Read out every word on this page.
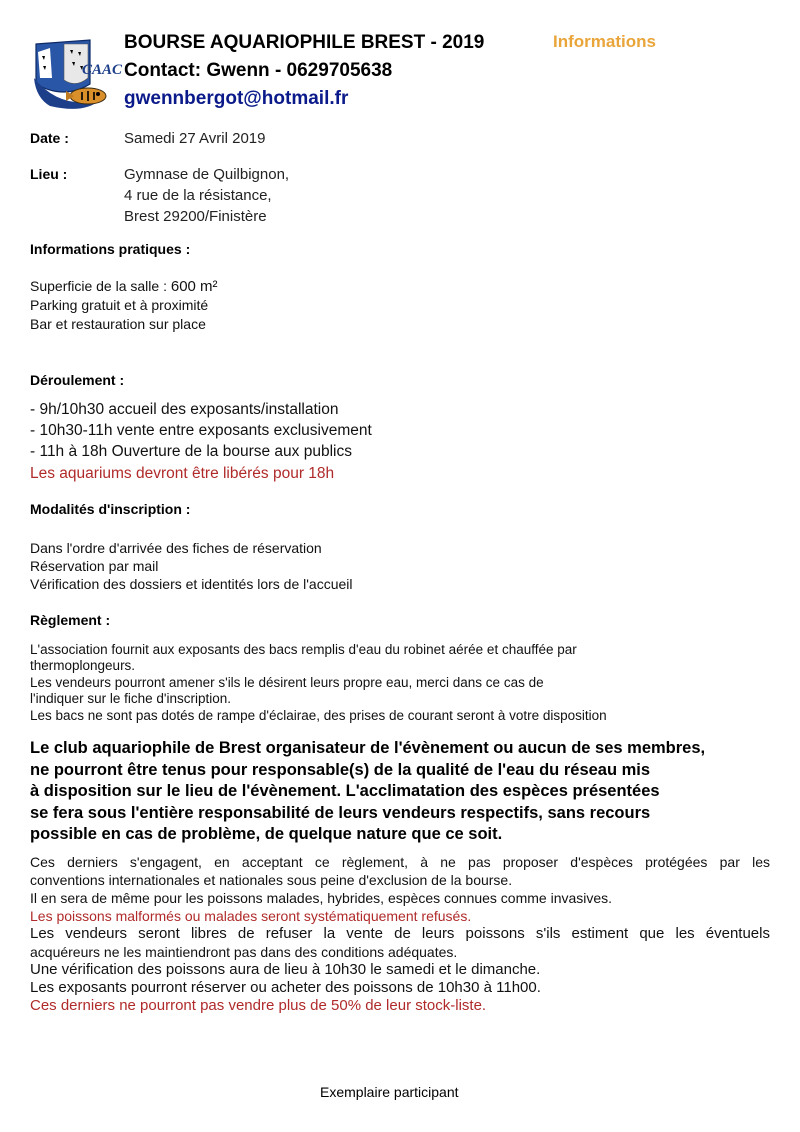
CAAC
BOURSE AQUARIOPHILE BREST - 2019
Contact: Gwenn - 0629705638
gwennbergot@hotmail.fr
Informations
Date :	Samedi 27 Avril 2019
Lieu :	Gymnase de Quilbignon,
4 rue de la résistance,
Brest 29200/Finistère
Informations pratiques :
Superficie de la salle : 600 m²
Parking gratuit et à proximité
Bar et restauration sur place
Déroulement :
- 9h/10h30 accueil des exposants/installation
- 10h30-11h vente entre exposants exclusivement
- 11h à 18h Ouverture de la bourse aux publics
Les aquariums devront être libérés pour 18h
Modalités d'inscription :
Dans l'ordre d'arrivée des fiches de réservation
Réservation par mail
Vérification des dossiers et identités lors de l'accueil
Règlement :
L'association fournit aux exposants des bacs remplis d'eau du robinet aérée et chauffée par
thermoplongeurs.
Les vendeurs pourront amener s'ils le désirent leurs propre eau, merci dans ce cas de
l'indiquer sur le fiche d'inscription.
Les bacs ne sont pas dotés de rampe d'éclairae, des prises de courant seront à votre disposition
Le club aquariophile de Brest organisateur de l'évènement ou aucun de ses membres,
ne pourront être tenus pour responsable(s) de la qualité de l'eau du réseau mis
à disposition sur le lieu de l'évènement. L'acclimatation des espèces présentées
se fera sous l'entière responsabilité de leurs vendeurs respectifs, sans recours
possible en cas de problème, de quelque nature que ce soit.
Ces derniers s'engagent, en acceptant ce règlement, à ne pas proposer d'espèces protégées par les
conventions internationales et nationales sous peine d'exclusion de la bourse.
Il en sera de même pour les poissons malades, hybrides, espèces connues comme invasives.
Les poissons malformés ou malades seront systématiquement refusés.
Les vendeurs seront libres de refuser la vente de leurs poissons s'ils estiment que les éventuels
acquéreurs ne les maintiendront pas dans des conditions adéquates.
Une vérification des poissons aura de lieu à 10h30 le samedi et le dimanche.
Les exposants pourront réserver ou acheter des poissons de 10h30 à 11h00.
Ces derniers ne pourront pas vendre plus de 50% de leur stock-liste.
Exemplaire participant
